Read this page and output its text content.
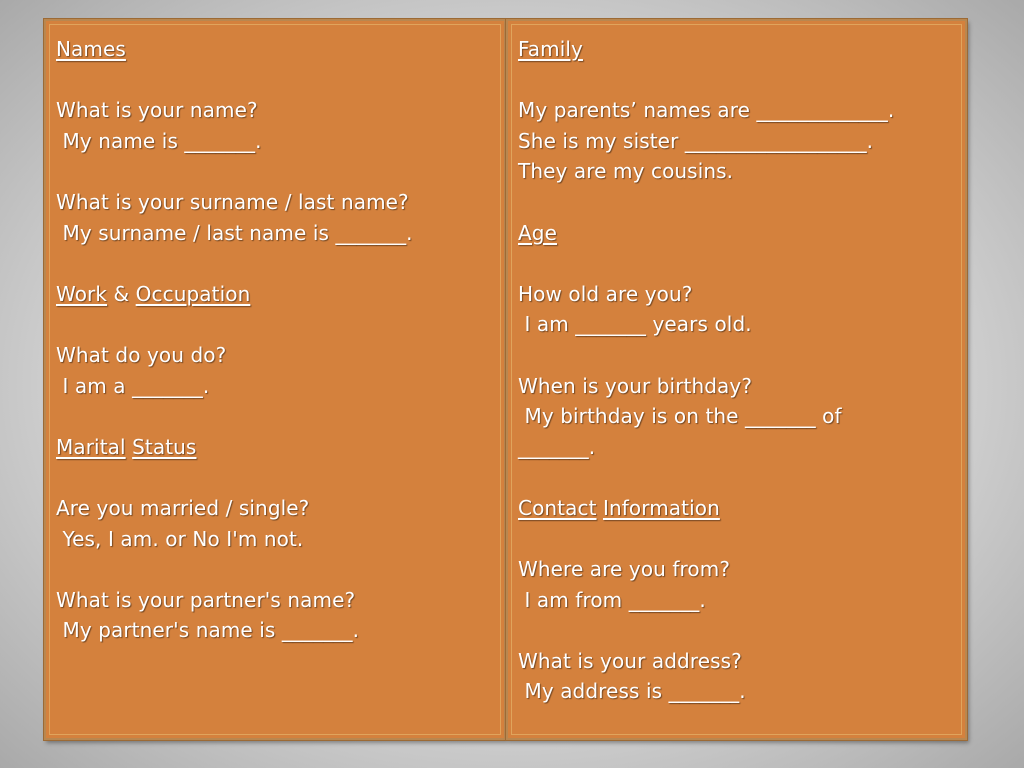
Names
What is your name?
My name is _______.
What is your surname / last name?
My surname / last name is _______.
Work & Occupation
What do you do?
I am a _______.
Marital Status
Are you married / single?
Yes, I am. or No I'm not.
What is your partner's name?
My partner's name is _______.
Family
My parents’ names are _____________.
She is my sister __________________.
They are my cousins.
Age
How old are you?
I am _______ years old.
When is your birthday?
My birthday is on the _______ of
_______.
Contact Information
Where are you from?
I am from _______.
What is your address?
My address is _______.
